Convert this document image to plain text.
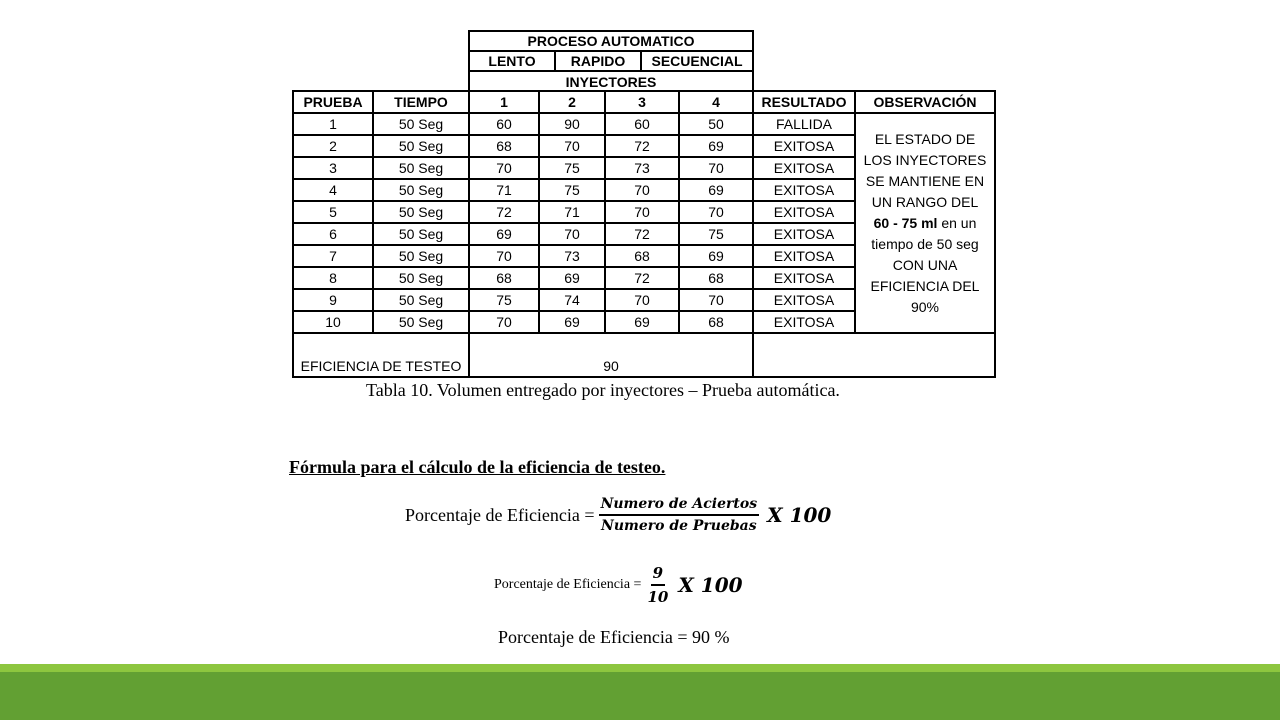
PROCESO AUTOMATICO
LENTO	RAPIDO	SECUENCIAL
INYECTORES
PRUEBA	TIEMPO	1	2	3	4	RESULTADO	OBSERVACIÓN
1	50 Seg	60	90	60	50	FALLIDA
2	50 Seg	68	70	72	69	EXITOSA
3	50 Seg	70	75	73	70	EXITOSA
4	50 Seg	71	75	70	69	EXITOSA
5	50 Seg	72	71	70	70	EXITOSA
6	50 Seg	69	70	72	75	EXITOSA
7	50 Seg	70	73	68	69	EXITOSA
8	50 Seg	68	69	72	68	EXITOSA
9	50 Seg	75	74	70	70	EXITOSA
10	50 Seg	70	69	69	68	EXITOSA
EL ESTADO DE
LOS INYECTORES
SE MANTIENE EN
UN RANGO DEL
60 - 75 ml en un
tiempo de 50 seg
CON UNA
EFICIENCIA DEL
90%
EFICIENCIA DE TESTEO	90
Tabla 10. Volumen entregado por inyectores – Prueba automática.
Fórmula para el cálculo de la eficiencia de testeo.
Porcentaje de Eficiencia = $\frac{\text{Numero de Aciertos}}{\text{Numero de Pruebas}}$ X 100
Porcentaje de Eficiencia = $\frac{9}{10}$ X 100
Porcentaje de Eficiencia = 90 %
